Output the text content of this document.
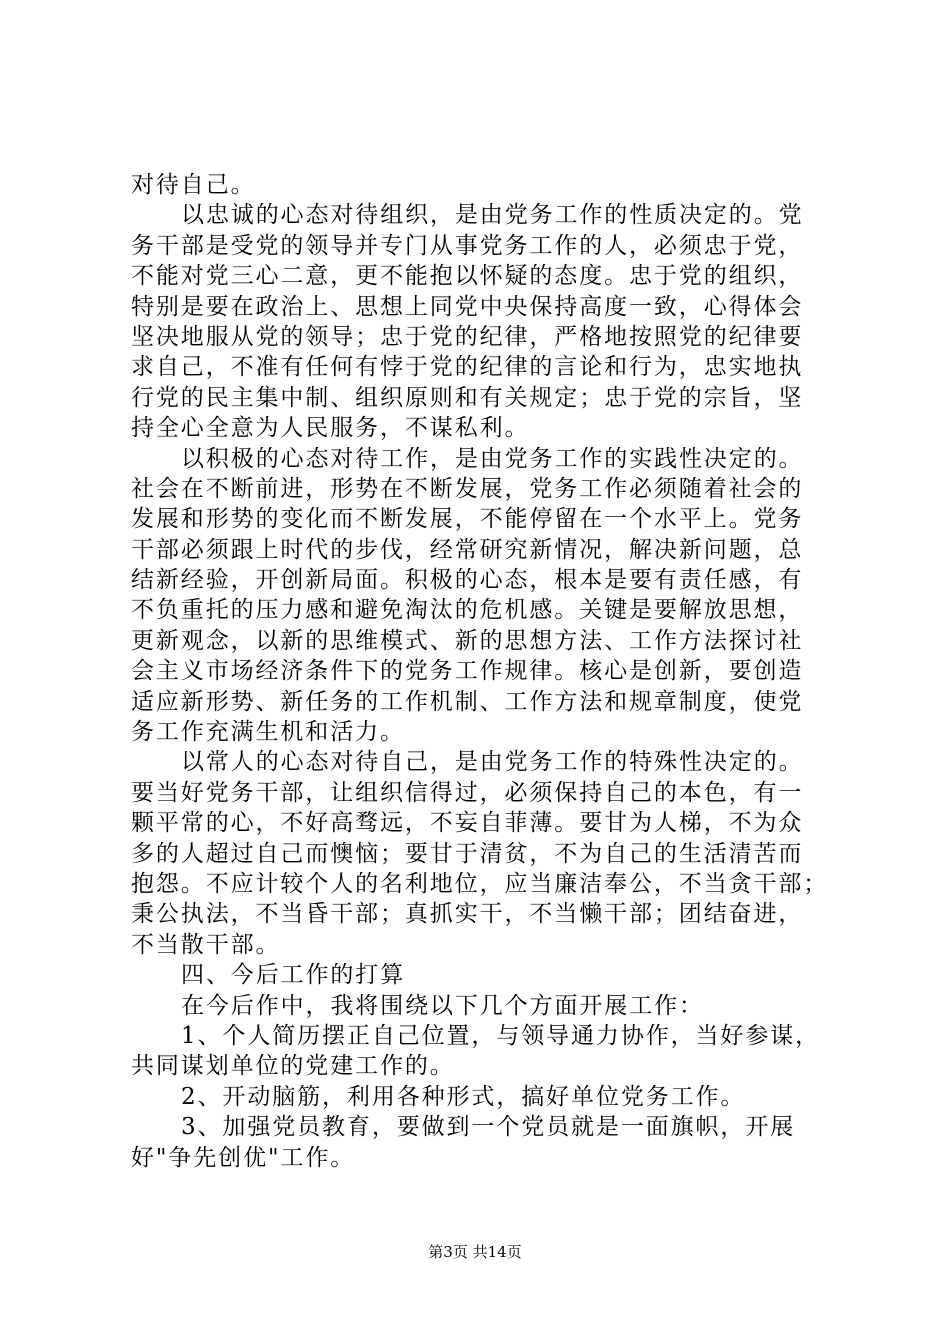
对待自己。
以忠诚的心态对待组织，是由党务工作的性质决定的。党
务干部是受党的领导并专门从事党务工作的人，必须忠于党，
不能对党三心二意，更不能抱以怀疑的态度。忠于党的组织，
特别是要在政治上、思想上同党中央保持高度一致，心得体会
坚决地服从党的领导；忠于党的纪律，严格地按照党的纪律要
求自己，不准有任何有悖于党的纪律的言论和行为，忠实地执
行党的民主集中制、组织原则和有关规定；忠于党的宗旨，坚
持全心全意为人民服务，不谋私利。
以积极的心态对待工作，是由党务工作的实践性决定的。
社会在不断前进，形势在不断发展，党务工作必须随着社会的
发展和形势的变化而不断发展，不能停留在一个水平上。党务
干部必须跟上时代的步伐，经常研究新情况，解决新问题，总
结新经验，开创新局面。积极的心态，根本是要有责任感，有
不负重托的压力感和避免淘汰的危机感。关键是要解放思想，
更新观念，以新的思维模式、新的思想方法、工作方法探讨社
会主义市场经济条件下的党务工作规律。核心是创新，要创造
适应新形势、新任务的工作机制、工作方法和规章制度，使党
务工作充满生机和活力。
以常人的心态对待自己，是由党务工作的特殊性决定的。
要当好党务干部，让组织信得过，必须保持自己的本色，有一
颗平常的心，不好高骛远，不妄自菲薄。要甘为人梯，不为众
多的人超过自己而懊恼；要甘于清贫，不为自己的生活清苦而
抱怨。不应计较个人的名利地位，应当廉洁奉公，不当贪干部；
秉公执法，不当昏干部；真抓实干，不当懒干部；团结奋进，
不当散干部。
四、今后工作的打算
在今后作中，我将围绕以下几个方面开展工作：
1、个人简历摆正自己位置，与领导通力协作，当好参谋，
共同谋划单位的党建工作的。
2、开动脑筋，利用各种形式，搞好单位党务工作。
3、加强党员教育，要做到一个党员就是一面旗帜，开展
好"争先创优"工作。
第3页 共14页
